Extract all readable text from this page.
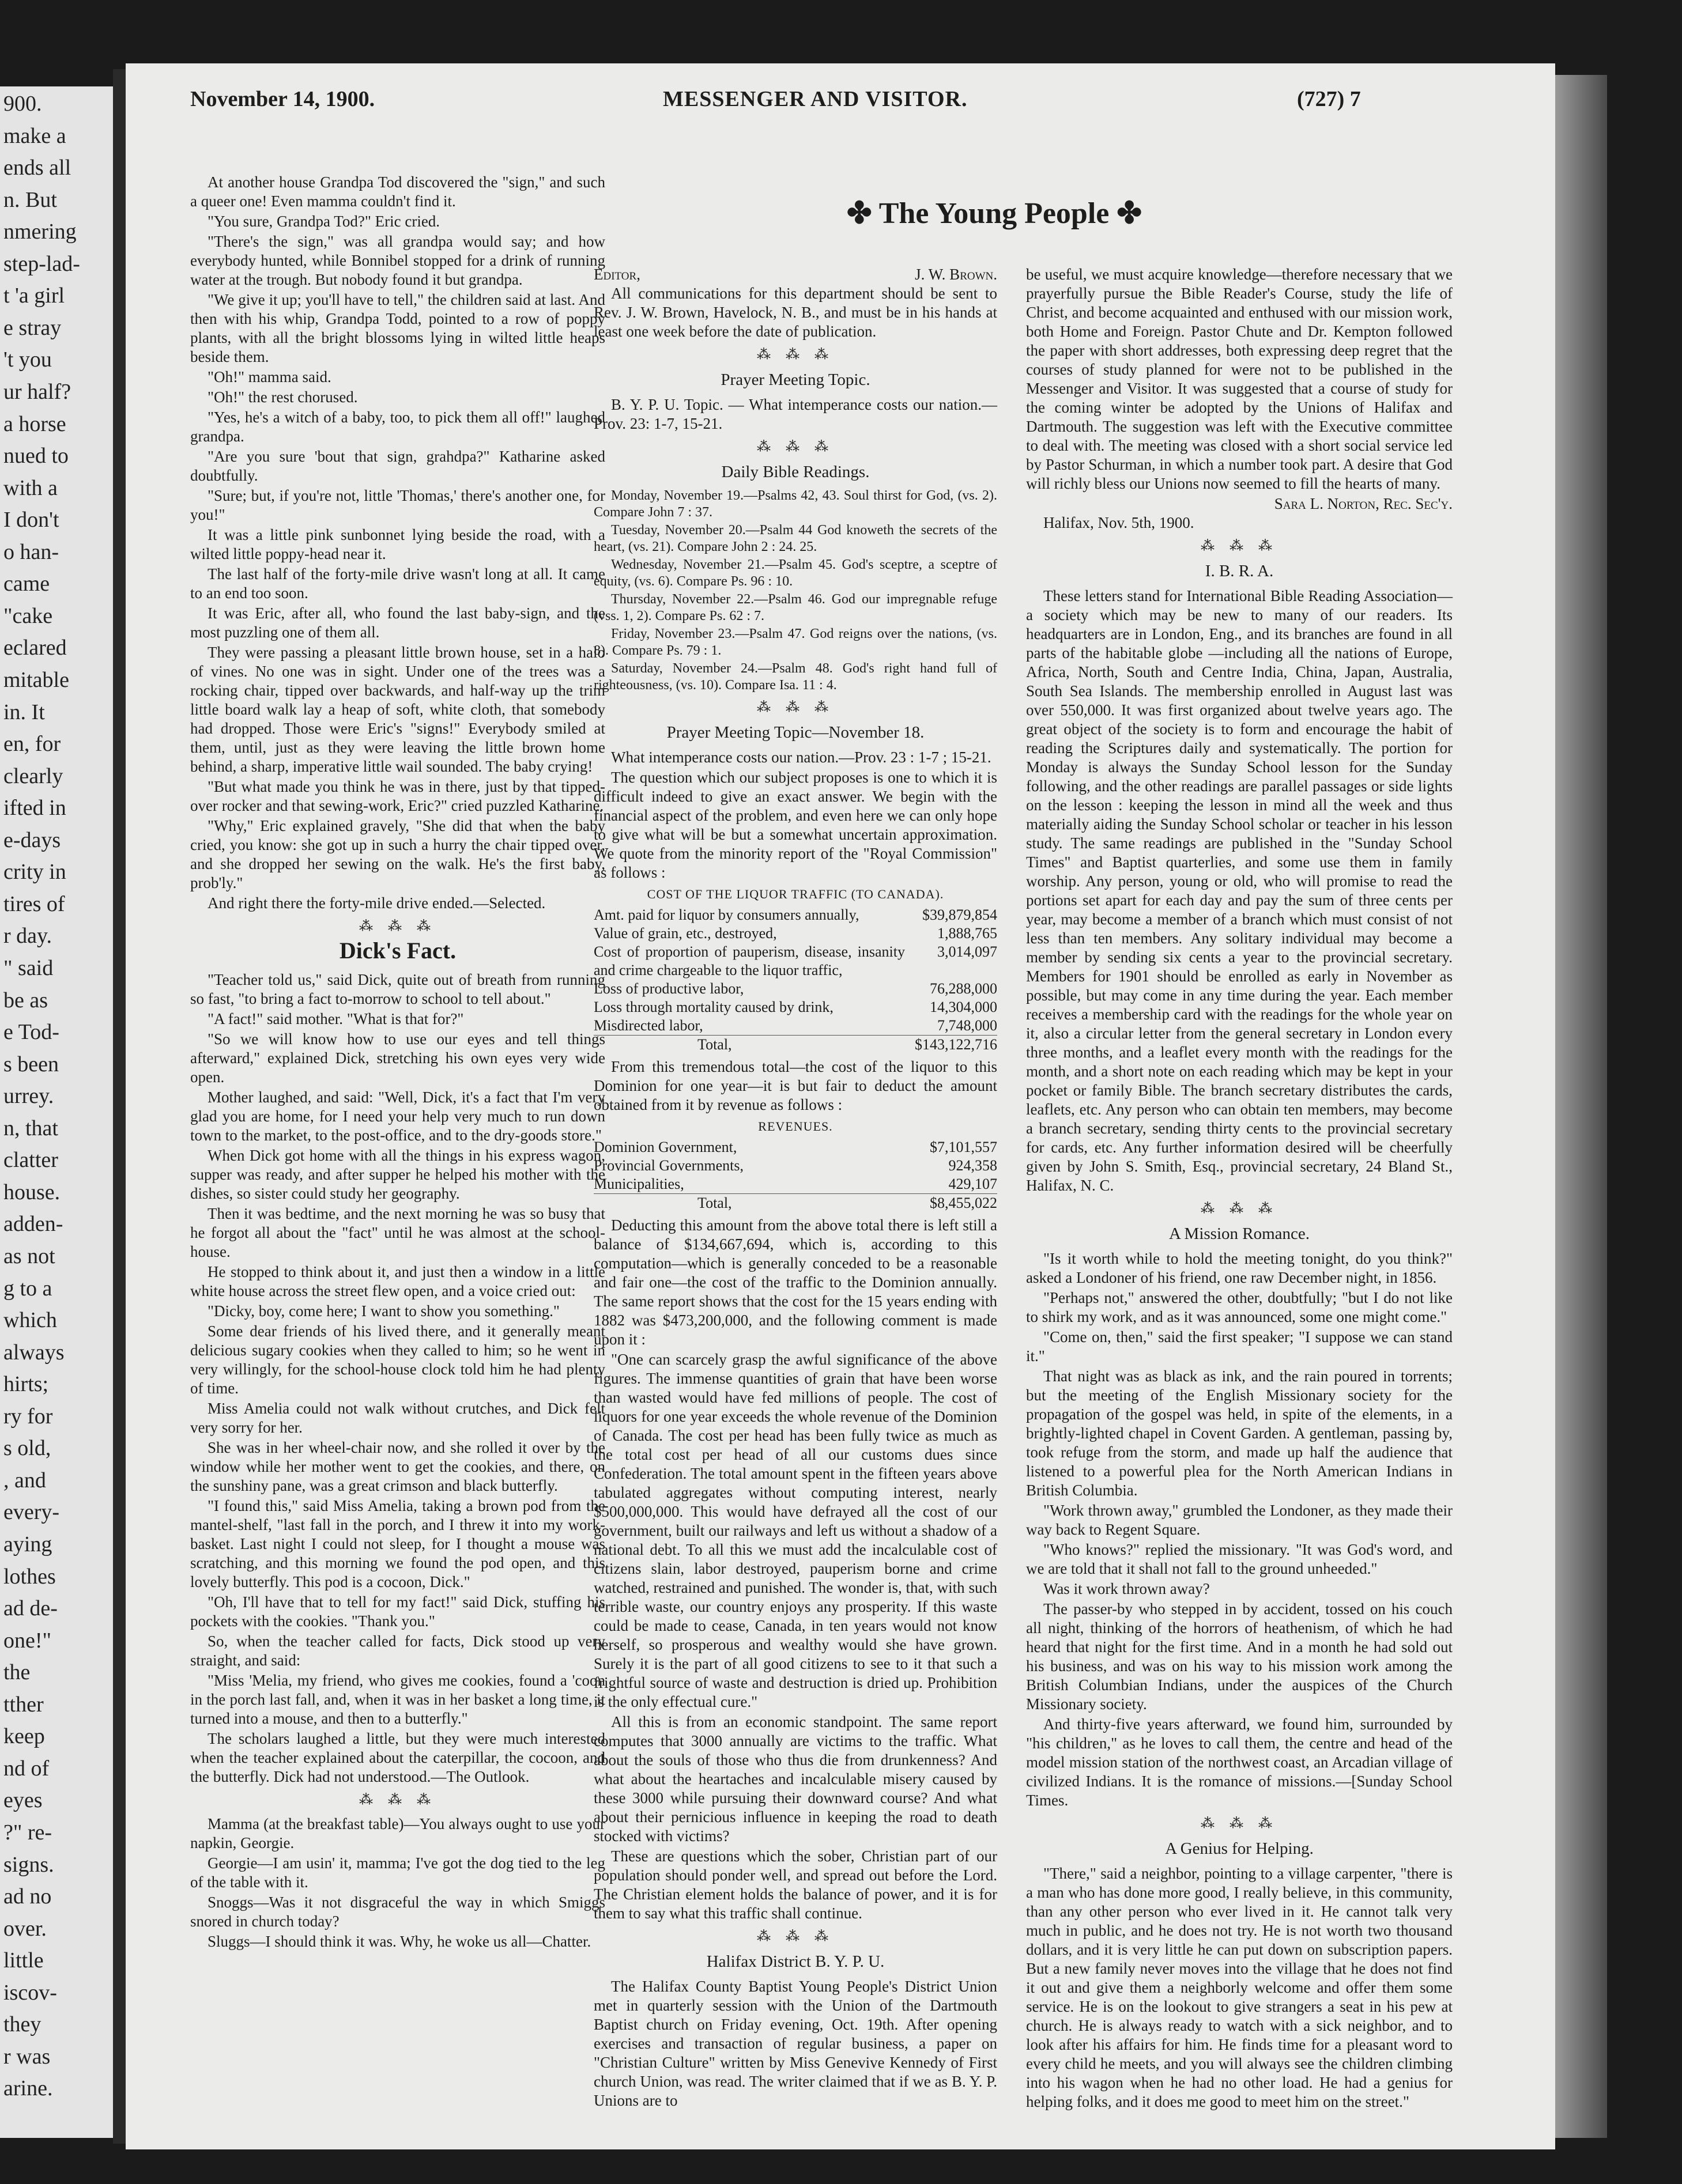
900.
make a
ends all
n. But
nmering
step-lad-
t 'a girl
e stray
't you
ur half?
a horse
nued to
with a
I don't
o han-
came
"cake
eclared
mitable
in. It
en, for
clearly
ifted in
e-days
crity in
tires of
r day.
" said
be as
e Tod-
s been
urrey.
n, that
clatter
house.
adden-
as not
g to a
which
always
hirts;
ry for
s old,
, and
every-
aying
lothes
ad de-
one!"
the
tther
keep
nd of
eyes
?" re-
signs.
ad no
over.
little
iscov-
they
r was
arine.
November 14, 1900.	MESSENGER AND VISITOR.	(727) 7
✤ The Young People ✤

At another house Grandpa Tod discovered the "sign," and such a queer one! Even mamma couldn't find it.

"You sure, Grandpa Tod?" Eric cried.

"There's the sign," was all grandpa would say; and how everybody hunted, while Bonnibel stopped for a drink of running water at the trough. But nobody found it but grandpa.

"We give it up; you'll have to tell," the children said at last. And then with his whip, Grandpa Todd, pointed to a row of poppy plants, with all the bright blossoms lying in wilted little heaps beside them.

"Oh!" mamma said.

"Oh!" the rest chorused.

"Yes, he's a witch of a baby, too, to pick them all off!" laughed grandpa.

"Are you sure 'bout that sign, grahdpa?" Katharine asked doubtfully.

"Sure; but, if you're not, little 'Thomas,' there's another one, for you!"

It was a little pink sunbonnet lying beside the road, with a wilted little poppy-head near it.

The last half of the forty-mile drive wasn't long at all. It came to an end too soon.

It was Eric, after all, who found the last baby-sign, and the most puzzling one of them all.

They were passing a pleasant little brown house, set in a halo of vines. No one was in sight. Under one of the trees was a rocking chair, tipped over backwards, and half-way up the trim little board walk lay a heap of soft, white cloth, that somebody had dropped. Those were Eric's "signs!" Everybody smiled at them, until, just as they were leaving the little brown home behind, a sharp, imperative little wail sounded. The baby crying!

"But what made you think he was in there, just by that tipped-over rocker and that sewing-work, Eric?" cried puzzled Katharine.

"Why," Eric explained gravely, "She did that when the baby cried, you know: she got up in such a hurry the chair tipped over, and she dropped her sewing on the walk. He's the first baby, prob'ly."

And right there the forty-mile drive ended.—Selected.

⁂ ⁂ ⁂
Dick's Fact.

"Teacher told us," said Dick, quite out of breath from running so fast, "to bring a fact to-morrow to school to tell about."

"A fact!" said mother. "What is that for?"

"So we will know how to use our eyes and tell things afterward," explained Dick, stretching his own eyes very wide open.

Mother laughed, and said: "Well, Dick, it's a fact that I'm very glad you are home, for I need your help very much to run down town to the market, to the post-office, and to the dry-goods store."

When Dick got home with all the things in his express wagon, supper was ready, and after supper he helped his mother with the dishes, so sister could study her geography.

Then it was bedtime, and the next morning he was so busy that he forgot all about the "fact" until he was almost at the school-house.

He stopped to think about it, and just then a window in a little white house across the street flew open, and a voice cried out:

"Dicky, boy, come here; I want to show you something."

Some dear friends of his lived there, and it generally meant delicious sugary cookies when they called to him; so he went in very willingly, for the school-house clock told him he had plenty of time.

Miss Amelia could not walk without crutches, and Dick felt very sorry for her.

She was in her wheel-chair now, and she rolled it over by the window while her mother went to get the cookies, and there, on the sunshiny pane, was a great crimson and black butterfly.

"I found this," said Miss Amelia, taking a brown pod from the mantel-shelf, "last fall in the porch, and I threw it into my work-basket. Last night I could not sleep, for I thought a mouse was scratching, and this morning we found the pod open, and this lovely butterfly. This pod is a cocoon, Dick."

"Oh, I'll have that to tell for my fact!" said Dick, stuffing his pockets with the cookies. "Thank you."

So, when the teacher called for facts, Dick stood up very straight, and said:

"Miss 'Melia, my friend, who gives me cookies, found a 'coon in the porch last fall, and, when it was in her basket a long time, it turned into a mouse, and then to a butterfly."

The scholars laughed a little, but they were much interested when the teacher explained about the caterpillar, the cocoon, and the butterfly. Dick had not understood.—The Outlook.

⁂ ⁂ ⁂

Mamma (at the breakfast table)—You always ought to use your napkin, Georgie.

Georgie—I am usin' it, mamma; I've got the dog tied to the leg of the table with it.

Snoggs—Was it not disgraceful the way in which Smiggs snored in church today?

Sluggs—I should think it was. Why, he woke us all—Chatter.

Editor,	J. W. Brown.

All communications for this department should be sent to Rev. J. W. Brown, Havelock, N. B., and must be in his hands at least one week before the date of publication.

⁂ ⁂ ⁂
Prayer Meeting Topic.

B. Y. P. U. Topic. — What intemperance costs our nation.—Prov. 23: 1-7, 15-21.

⁂ ⁂ ⁂
Daily Bible Readings.

Monday, November 19.—Psalms 42, 43. Soul thirst for God, (vs. 2). Compare John 7 : 37.

Tuesday, November 20.—Psalm 44 God knoweth the secrets of the heart, (vs. 21). Compare John 2 : 24. 25.

Wednesday, November 21.—Psalm 45. God's sceptre, a sceptre of equity, (vs. 6). Compare Ps. 96 : 10.

Thursday, November 22.—Psalm 46. God our impregnable refuge (vss. 1, 2). Compare Ps. 62 : 7.

Friday, November 23.—Psalm 47. God reigns over the nations, (vs. 8). Compare Ps. 79 : 1.

Saturday, November 24.—Psalm 48. God's right hand full of righteousness, (vs. 10). Compare Isa. 11 : 4.

⁂ ⁂ ⁂
Prayer Meeting Topic—November 18.

What intemperance costs our nation.—Prov. 23 : 1-7 ; 15-21.

The question which our subject proposes is one to which it is difficult indeed to give an exact answer. We begin with the financial aspect of the problem, and even here we can only hope to give what will be but a somewhat uncertain approximation. We quote from the minority report of the "Royal Commission" as follows :

COST OF THE LIQUOR TRAFFIC (TO CANADA).
Amt. paid for liquor by consumers annually,	$39,879,854
Value of grain, etc., destroyed,	1,888,765
Cost of proportion of pauperism, disease, insanity and crime chargeable to the liquor traffic,
3,014,097
Loss of productive labor,	76,288,000
Loss through mortality caused by drink,	14,304,000
Misdirected labor,	7,748,000
Total,	$143,122,716

From this tremendous total—the cost of the liquor to this Dominion for one year—it is but fair to deduct the amount obtained from it by revenue as follows :

REVENUES.
Dominion Government,	$7,101,557
Provincial Governments,	924,358
Municipalities,	429,107
Total,	$8,455,022

Deducting this amount from the above total there is left still a balance of $134,667,694, which is, according to this computation—which is generally conceded to be a reasonable and fair one—the cost of the traffic to the Dominion annually. The same report shows that the cost for the 15 years ending with 1882 was $473,200,000, and the following comment is made upon it :

"One can scarcely grasp the awful significance of the above figures. The immense quantities of grain that have been worse than wasted would have fed millions of people. The cost of liquors for one year exceeds the whole revenue of the Dominion of Canada. The cost per head has been fully twice as much as the total cost per head of all our customs dues since Confederation. The total amount spent in the fifteen years above tabulated aggregates without computing interest, nearly $500,000,000. This would have defrayed all the cost of our government, built our railways and left us without a shadow of a national debt. To all this we must add the incalculable cost of citizens slain, labor destroyed, pauperism borne and crime watched, restrained and punished. The wonder is, that, with such terrible waste, our country enjoys any prosperity. If this waste could be made to cease, Canada, in ten years would not know herself, so prosperous and wealthy would she have grown. Surely it is the part of all good citizens to see to it that such a frightful source of waste and destruction is dried up. Prohibition is the only effectual cure."

All this is from an economic standpoint. The same report computes that 3000 annually are victims to the traffic. What about the souls of those who thus die from drunkenness? And what about the heartaches and incalculable misery caused by these 3000 while pursuing their downward course? And what about their pernicious influence in keeping the road to death stocked with victims?

These are questions which the sober, Christian part of our population should ponder well, and spread out before the Lord. The Christian element holds the balance of power, and it is for them to say what this traffic shall continue.

⁂ ⁂ ⁂
Halifax District B. Y. P. U.

The Halifax County Baptist Young People's District Union met in quarterly session with the Union of the Dartmouth Baptist church on Friday evening, Oct. 19th. After opening exercises and transaction of regular business, a paper on "Christian Culture" written by Miss Genevive Kennedy of First church Union, was read. The writer claimed that if we as B. Y. P. Unions are to

be useful, we must acquire knowledge—therefore necessary that we prayerfully pursue the Bible Reader's Course, study the life of Christ, and become acquainted and enthused with our mission work, both Home and Foreign. Pastor Chute and Dr. Kempton followed the paper with short addresses, both expressing deep regret that the courses of study planned for were not to be published in the Messenger and Visitor. It was suggested that a course of study for the coming winter be adopted by the Unions of Halifax and Dartmouth. The suggestion was left with the Executive committee to deal with. The meeting was closed with a short social service led by Pastor Schurman, in which a number took part. A desire that God will richly bless our Unions now seemed to fill the hearts of many.

Sara L. Norton, Rec. Sec'y.

Halifax, Nov. 5th, 1900.

⁂ ⁂ ⁂
I. B. R. A.

These letters stand for International Bible Reading Association—a society which may be new to many of our readers. Its headquarters are in London, Eng., and its branches are found in all parts of the habitable globe —including all the nations of Europe, Africa, North, South and Centre India, China, Japan, Australia, South Sea Islands. The membership enrolled in August last was over 550,000. It was first organized about twelve years ago. The great object of the society is to form and encourage the habit of reading the Scriptures daily and systematically. The portion for Monday is always the Sunday School lesson for the Sunday following, and the other readings are parallel passages or side lights on the lesson : keeping the lesson in mind all the week and thus materially aiding the Sunday School scholar or teacher in his lesson study. The same readings are published in the "Sunday School Times" and Baptist quarterlies, and some use them in family worship. Any person, young or old, who will promise to read the portions set apart for each day and pay the sum of three cents per year, may become a member of a branch which must consist of not less than ten members. Any solitary individual may become a member by sending six cents a year to the provincial secretary. Members for 1901 should be enrolled as early in November as possible, but may come in any time during the year. Each member receives a membership card with the readings for the whole year on it, also a circular letter from the general secretary in London every three months, and a leaflet every month with the readings for the month, and a short note on each reading which may be kept in your pocket or family Bible. The branch secretary distributes the cards, leaflets, etc. Any person who can obtain ten members, may become a branch secretary, sending thirty cents to the provincial secretary for cards, etc. Any further information desired will be cheerfully given by John S. Smith, Esq., provincial secretary, 24 Bland St., Halifax, N. C.

⁂ ⁂ ⁂
A Mission Romance.

"Is it worth while to hold the meeting tonight, do you think?" asked a Londoner of his friend, one raw December night, in 1856.

"Perhaps not," answered the other, doubtfully; "but I do not like to shirk my work, and as it was announced, some one might come."

"Come on, then," said the first speaker; "I suppose we can stand it."

That night was as black as ink, and the rain poured in torrents; but the meeting of the English Missionary society for the propagation of the gospel was held, in spite of the elements, in a brightly-lighted chapel in Covent Garden. A gentleman, passing by, took refuge from the storm, and made up half the audience that listened to a powerful plea for the North American Indians in British Columbia.

"Work thrown away," grumbled the Londoner, as they made their way back to Regent Square.

"Who knows?" replied the missionary. "It was God's word, and we are told that it shall not fall to the ground unheeded."

Was it work thrown away?

The passer-by who stepped in by accident, tossed on his couch all night, thinking of the horrors of heathenism, of which he had heard that night for the first time. And in a month he had sold out his business, and was on his way to his mission work among the British Columbian Indians, under the auspices of the Church Missionary society.

And thirty-five years afterward, we found him, surrounded by "his children," as he loves to call them, the centre and head of the model mission station of the northwest coast, an Arcadian village of civilized Indians. It is the romance of missions.—[Sunday School Times.

⁂ ⁂ ⁂
A Genius for Helping.

"There," said a neighbor, pointing to a village carpenter, "there is a man who has done more good, I really believe, in this community, than any other person who ever lived in it. He cannot talk very much in public, and he does not try. He is not worth two thousand dollars, and it is very little he can put down on subscription papers. But a new family never moves into the village that he does not find it out and give them a neighborly welcome and offer them some service. He is on the lookout to give strangers a seat in his pew at church. He is always ready to watch with a sick neighbor, and to look after his affairs for him. He finds time for a pleasant word to every child he meets, and you will always see the children climbing into his wagon when he had no other load. He had a genius for helping folks, and it does me good to meet him on the street."
